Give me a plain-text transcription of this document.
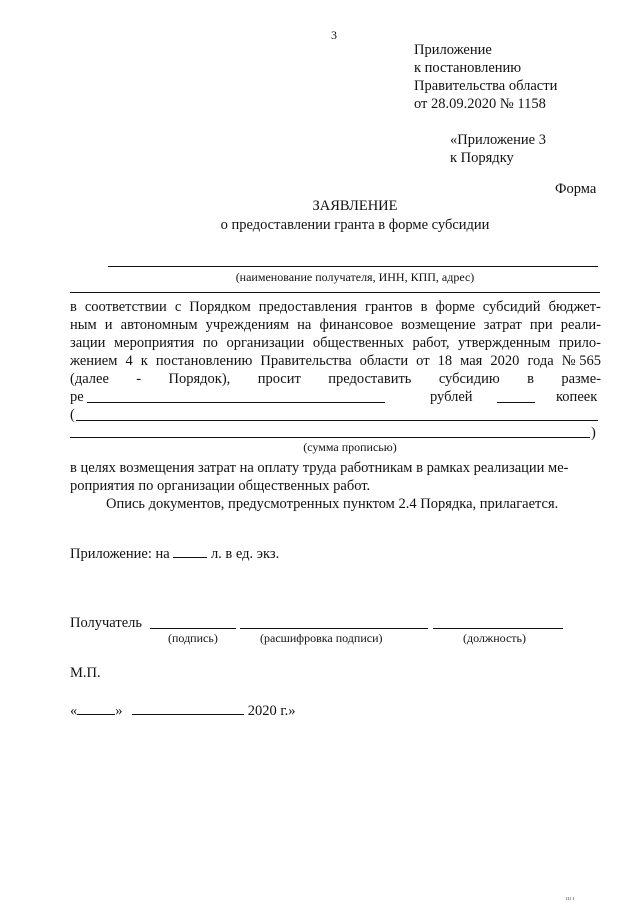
3
Приложение
к постановлению
Правительства области
от 28.09.2020 № 1158
«Приложение 3
к Порядку
Форма
ЗАЯВЛЕНИЕ
о предоставлении гранта в форме субсидии
(наименование получателя, ИНН, КПП, адрес)
в соответствии с Порядком предоставления грантов в форме субсидий бюджет-
ным и автономным учреждениям на финансовое возмещение затрат при реали-
зации мероприятия по организации общественных работ, утвержденным прило-
жением 4 к постановлению Правительства области от 18 мая 2020 года № 565
(далее - Порядок), просит предоставить субсидию в разме-
ре	рублей	копеек
(
)
(сумма прописью)
в целях возмещения затрат на оплату труда работникам в рамках реализации ме-
роприятия по организации общественных работ.
Опись документов, предусмотренных пунктом 2.4 Порядка, прилагается.
Приложение: на	л. в ед. экз.
Получатель
(подпись)	(расшифровка подписи)	(должность)
М.П.
«	»	2020 г.»
ııı ı
